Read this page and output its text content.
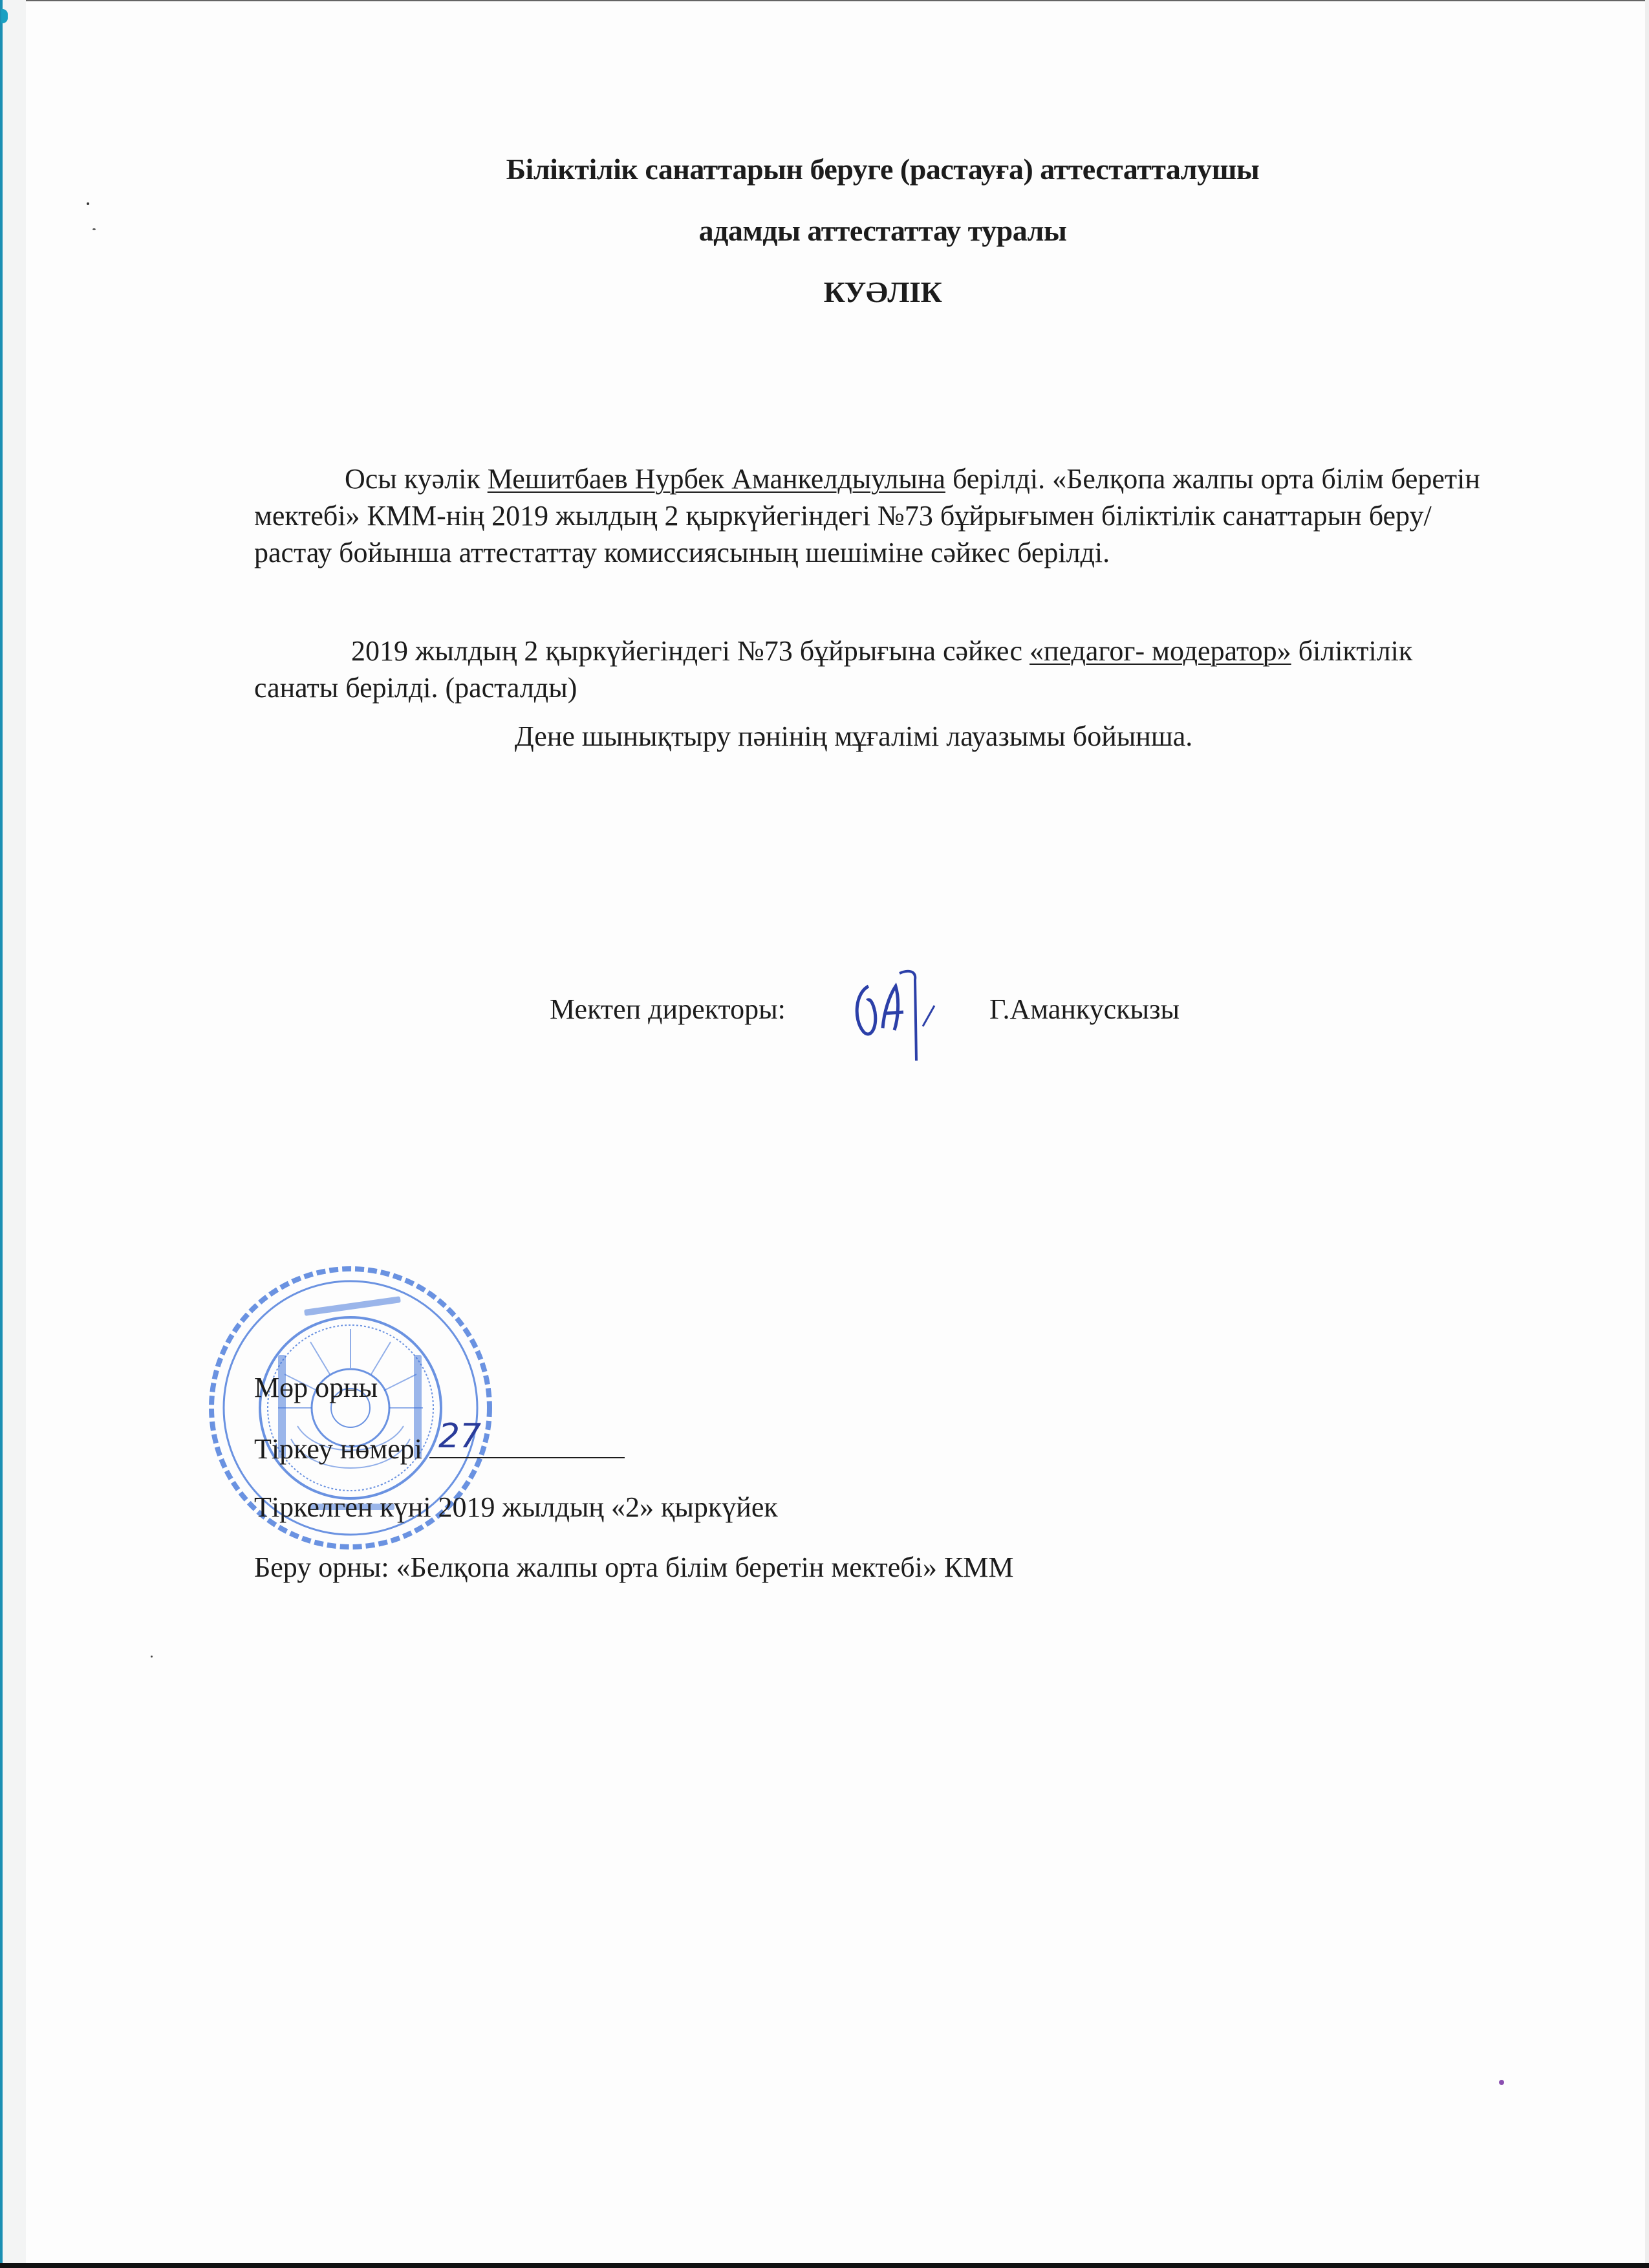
Біліктілік санаттарын беруге (растауға) аттестатталушы
адамды аттестаттау туралы
КУӘЛІК
Осы куәлік Мешитбаев Нурбек Аманкелдыулына берілді. «Белқопа жалпы орта білім беретін мектебі» КММ-нің 2019 жылдың 2 қыркүйегіндегі №73 бұйрығымен біліктілік санаттарын беру/растау бойынша аттестаттау комиссиясының шешіміне сәйкес берілді.
2019 жылдың 2 қыркүйегіндегі №73 бұйрығына сәйкес «педагог- модератор» біліктілік санаты берілді. (расталды)
Дене шынықтыру пәнінің мұғалімі лауазымы бойынша.
Мектеп директоры:	Г.Аманкускызы
Мөр орны
Тіркеу нөмері 27
Тіркелген күні 2019 жылдың «2» қыркүйек
Беру орны: «Белқопа жалпы орта білім беретін мектебі» КММ
